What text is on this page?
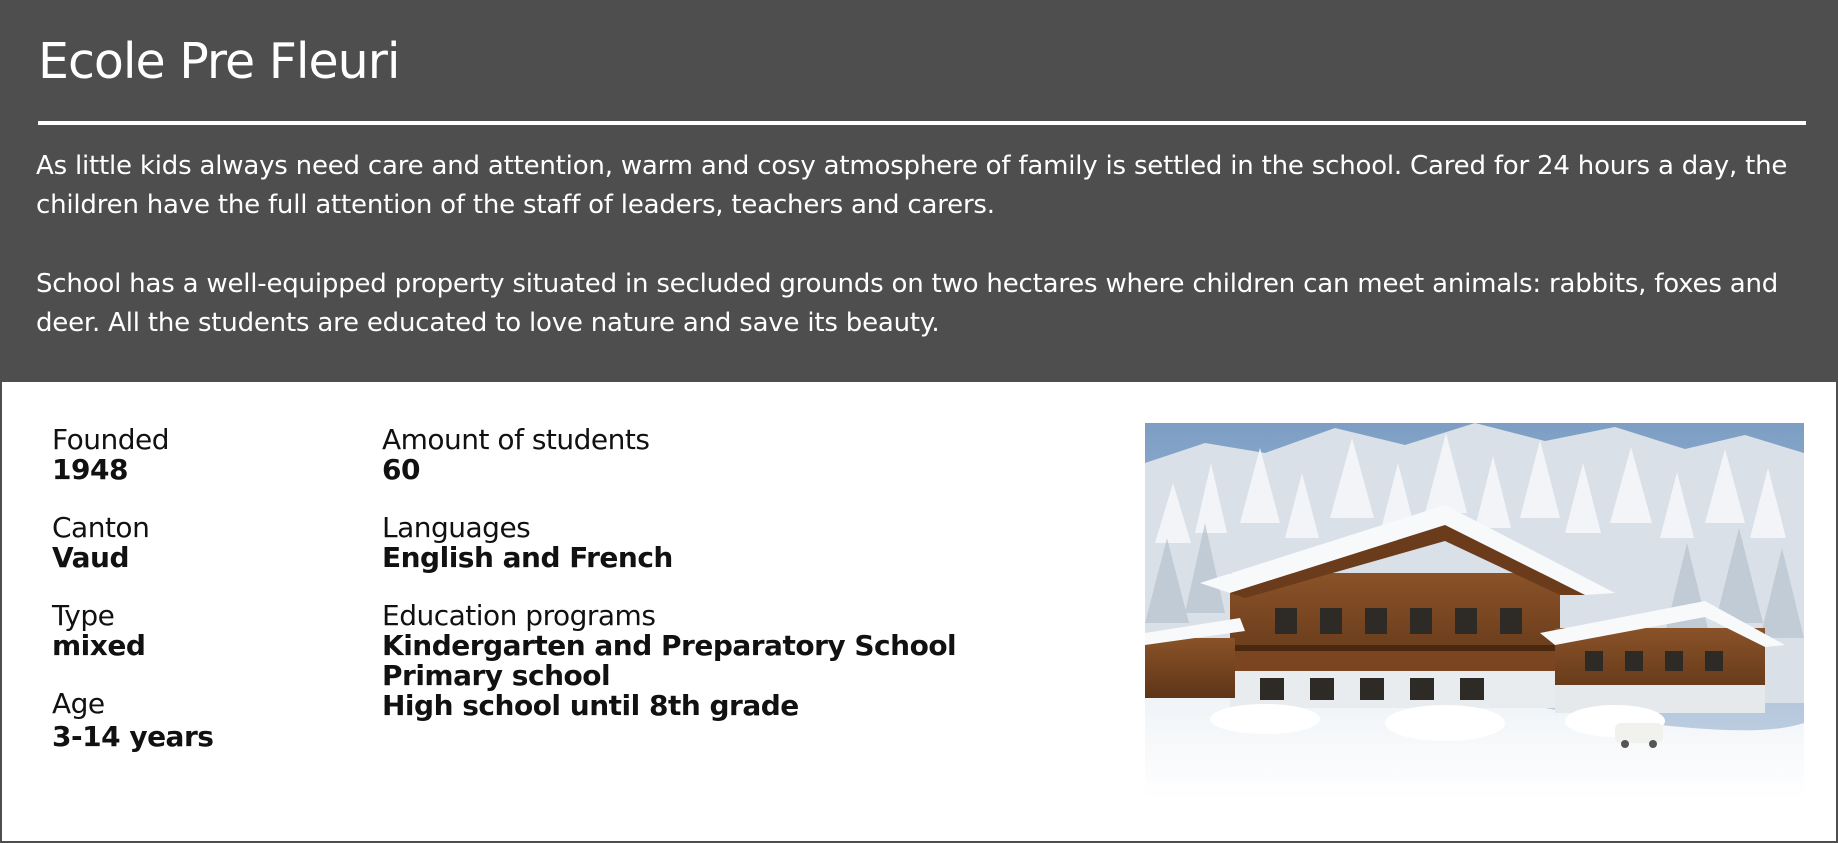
Ecole Pre Fleuri

As little kids always need care and attention, warm and cosy atmosphere of family is settled in the school. Cared for 24 hours a day, the children have the full attention of the staff of leaders, teachers and carers.

School has a well-equipped property situated in secluded grounds on two hectares where children can meet animals: rabbits, foxes and deer. All the students are educated to love nature and save its beauty.

Founded
1948
Canton
Vaud
Type
mixed
Age
3-14 years
Amount of students
60
Languages
English and French
Education programs
Kindergarten and Preparatory School
Primary school
High school until 8th grade
